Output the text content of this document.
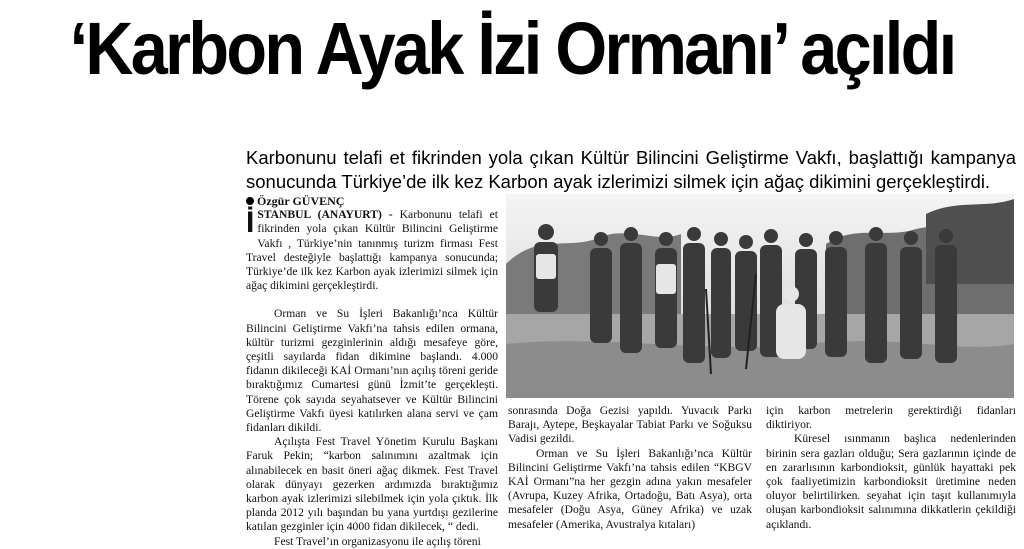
‘Karbon Ayak İzi Ormanı’ açıldı
Karbonunu telafi et fikrinden yola çıkan Kültür Bilincini Geliştirme Vakfı, başlattığı kampanya sonucunda Türkiye’de ilk kez Karbon ayak izlerimizi silmek için ağaç dikimini gerçekleştirdi.

Özgür GÜVENÇ

İSTANBUL (ANAYURT) - Karbonunu telafi et fikrinden yola çıkan Kültür Bilincini Geliştirme Vakfı , Türkiye’nin tanınmış turizm firması Fest Travel desteğiyle başlattığı kampanya sonucunda; Türkiye’de ilk kez Karbon ayak izlerimizi silmek için ağaç dikimini gerçekleştirdi.

Orman ve Su İşleri Bakanlığı’nca Kültür Bilincini Geliştirme Vakfı’na tahsis edilen ormana, kültür turizmi gezginlerinin aldığı mesafeye göre, çeşitli sayılarda fidan dikimine başlandı. 4.000 fidanın dikileceği KAİ Ormanı’nın açılış töreni geride bıraktığımız Cumartesi günü İzmit’te gerçekleşti. Törene çok sayıda seyahatsever ve Kültür Bilincini Geliştirme Vakfı üyesi katılırken alana servi ve çam fidanları dikildi.

Açılışta Fest Travel Yönetim Kurulu Başkanı Faruk Pekin; “karbon salınımını azaltmak için alınabilecek en basit öneri ağaç dikmek. Fest Travel olarak dünyayı gezerken ardımızda bıraktığımız karbon ayak izlerimizi silebilmek için yola çıktık. İlk planda 2012 yılı başından bu yana yurtdışı gezilerine katılan gezginler için 4000 fidan dikilecek, “ dedi.

Fest Travel’ın organizasyonu ile açılış töreni

sonrasında Doğa Gezisi yapıldı. Yuvacık Parkı Barajı, Aytepe, Beşkayalar Tabiat Parkı ve Soğuksu Vadisi gezildi.

Orman ve Su İşleri Bakanlığı’nca Kültür Bilincini Geliştirme Vakfı’na tahsis edilen “KBGV KAİ Ormanı”na her gezgin adına yakın mesafeler (Avrupa, Kuzey Afrika, Ortadoğu, Batı Asya), orta mesafeler (Doğu Asya, Güney Afrika) ve uzak mesafeler (Amerika, Avustralya kıtaları)

için karbon metrelerin gerektirdiği fidanları diktiriyor.

Küresel ısınmanın başlıca nedenlerinden birinin sera gazları olduğu; Sera gazlarının içinde de en zararlısının karbondioksit, günlük hayattaki pek çok faaliyetimizin karbondioksit üretimine neden oluyor belirtilirken. seyahat için taşıt kullanımıyla oluşan karbondioksit salınımına dikkatlerin çekildiği açıklandı.
